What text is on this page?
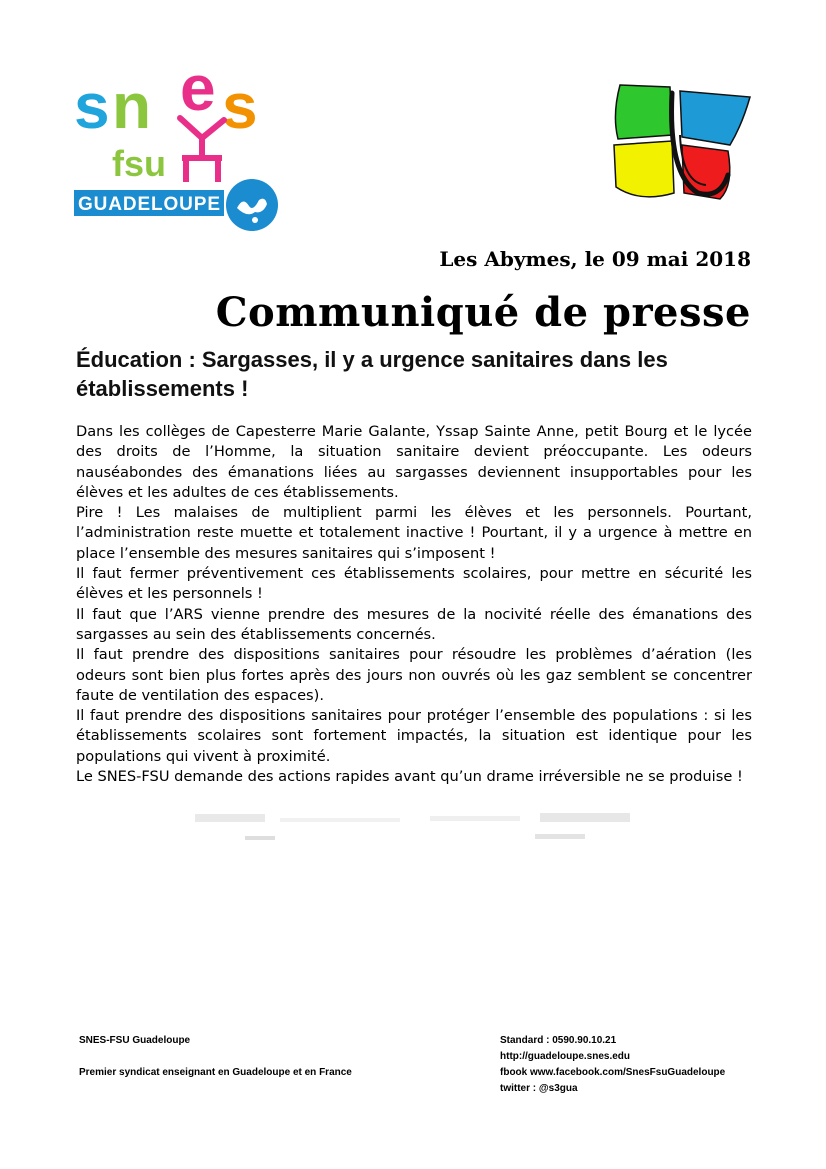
s n e s
fsu
GUADELOUPE
Les Abymes, le 09 mai 2018
Communiqué de presse
Éducation : Sargasses, il y a urgence sanitaires dans les établissements !

Dans les collèges de Capesterre Marie Galante, Yssap Sainte Anne, petit Bourg et le lycée des droits de l’Homme, la situation sanitaire devient préoccupante. Les odeurs nauséabondes des émanations liées au sargasses deviennent insupportables pour les élèves et les adultes de ces établissements.

Pire ! Les malaises de multiplient parmi les élèves et les personnels. Pourtant, l’administration reste muette et totalement inactive ! Pourtant, il y a urgence à mettre en place l’ensemble des mesures sanitaires qui s’imposent !

Il faut fermer préventivement ces établissements scolaires, pour mettre en sécurité les élèves et les personnels !

Il faut que l’ARS vienne prendre des mesures de la nocivité réelle des émanations des sargasses au sein des établissements concernés.

Il faut prendre des dispositions sanitaires pour résoudre les problèmes d’aération (les odeurs sont bien plus fortes après des jours non ouvrés où les gaz semblent se concentrer faute de ventilation des espaces).

Il faut prendre des dispositions sanitaires pour protéger l’ensemble des populations : si les établissements scolaires sont fortement impactés, la situation est identique pour les populations qui vivent à proximité.

Le SNES-FSU demande des actions rapides avant qu’un drame irréversible ne se produise !

SNES-FSU Guadeloupe
Premier syndicat enseignant en Guadeloupe et en France
Standard : 0590.90.10.21
http://guadeloupe.snes.edu
fbook www.facebook.com/SnesFsuGuadeloupe
twitter : @s3gua
